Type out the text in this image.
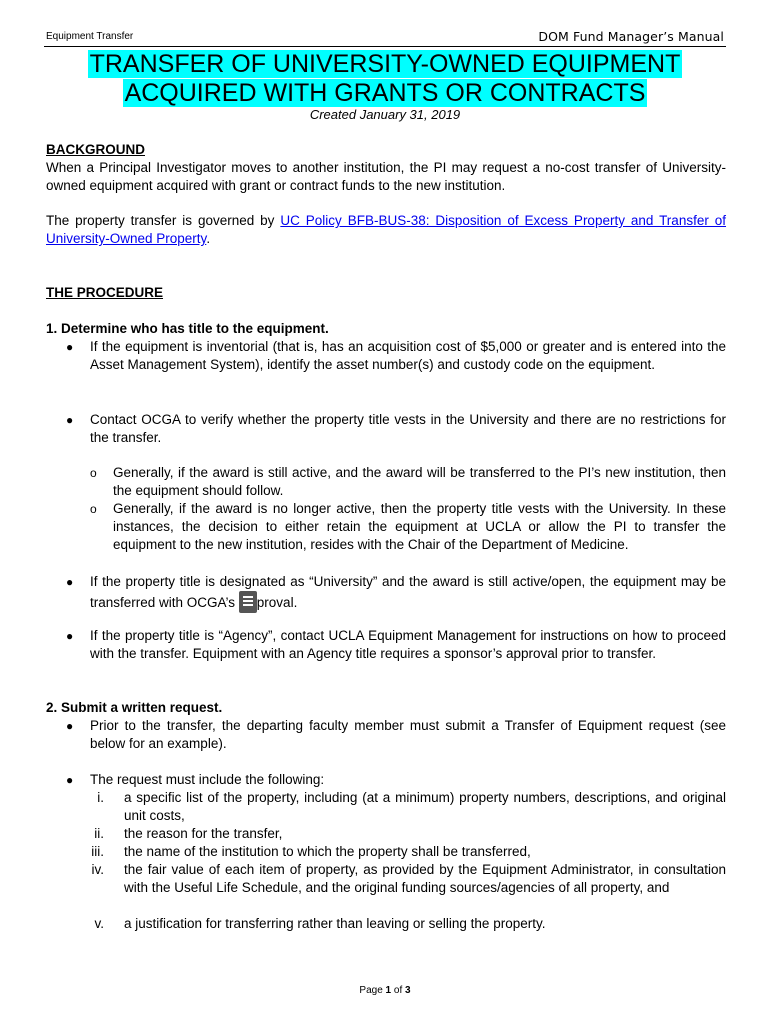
Equipment Transfer	DOM Fund Manager’s Manual
TRANSFER OF UNIVERSITY-OWNED EQUIPMENT
ACQUIRED WITH GRANTS OR CONTRACTS
Created January 31, 2019
BACKGROUND
When a Principal Investigator moves to another institution, the PI may request a no-cost transfer of University-owned equipment acquired with grant or contract funds to the new institution.
The property transfer is governed by UC Policy BFB-BUS-38: Disposition of Excess Property and Transfer of University-Owned Property.
THE PROCEDURE
1. Determine who has title to the equipment.
● If the equipment is inventorial (that is, has an acquisition cost of $5,000 or greater and is entered into the Asset Management System), identify the asset number(s) and custody code on the equipment.
● Contact OCGA to verify whether the property title vests in the University and there are no restrictions for the transfer.
o Generally, if the award is still active, and the award will be transferred to the PI’s new institution, then the equipment should follow.
o Generally, if the award is no longer active, then the property title vests with the University. In these instances, the decision to either retain the equipment at UCLA or allow the PI to transfer the equipment to the new institution, resides with the Chair of the Department of Medicine.
● If the property title is designated as “University” and the award is still active/open, the equipment may be transferred with OCGA’s proval.
● If the property title is “Agency”, contact UCLA Equipment Management for instructions on how to proceed with the transfer. Equipment with an Agency title requires a sponsor’s approval prior to transfer.
2. Submit a written request.
● Prior to the transfer, the departing faculty member must submit a Transfer of Equipment request (see below for an example).
● The request must include the following:
i. a specific list of the property, including (at a minimum) property numbers, descriptions, and original unit costs,
ii. the reason for the transfer,
iii. the name of the institution to which the property shall be transferred,
iv. the fair value of each item of property, as provided by the Equipment Administrator, in consultation with the Useful Life Schedule, and the original funding sources/agencies of all property, and
v. a justification for transferring rather than leaving or selling the property.
Page 1 of 3
